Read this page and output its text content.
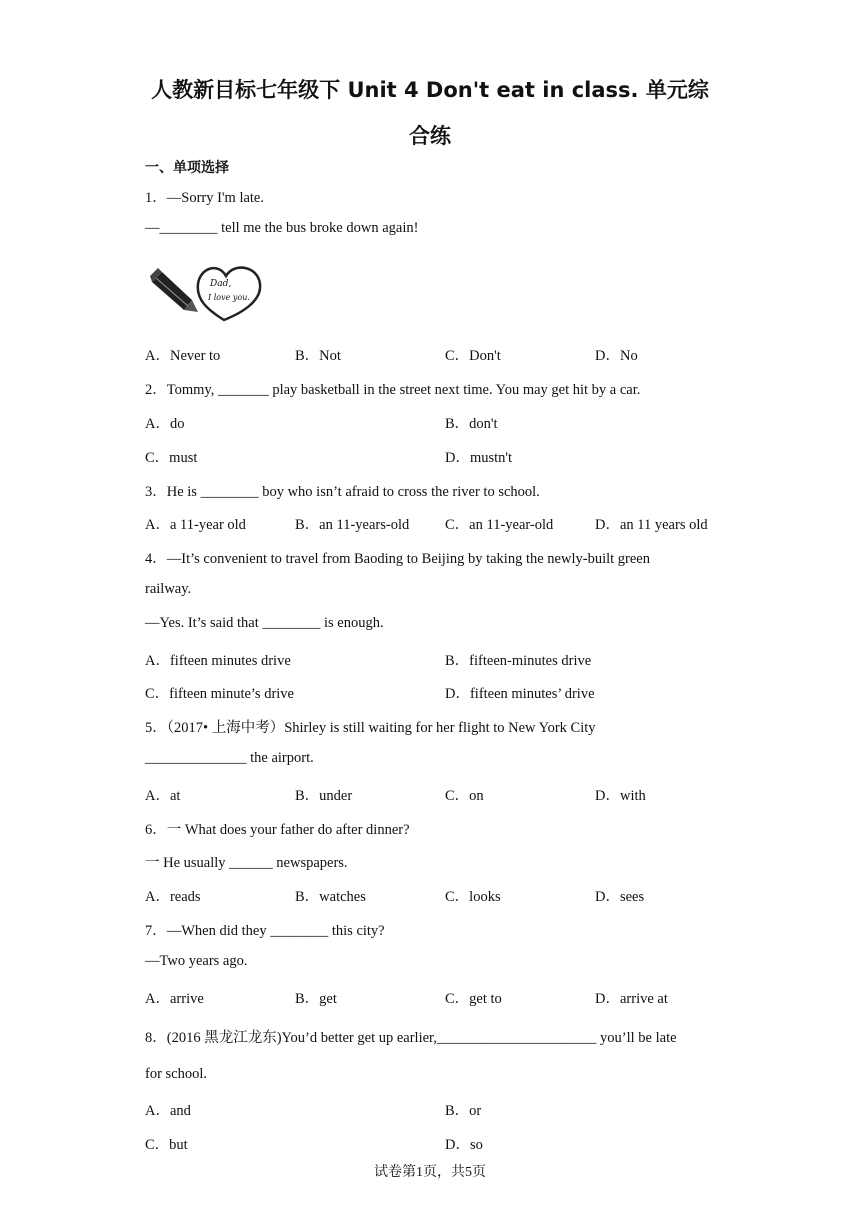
人教新目标七年级下 Unit 4 Don't eat in class. 单元综
合练
一、单项选择
1．—Sorry I'm late.
—________ tell me the bus broke down again!
Dad,
I love you.
A．Never to	B．Not	C．Don't	D．No
2．Tommy, _______ play basketball in the street next time. You may get hit by a car.
A．do	B．don't
C．must	D．mustn't
3．He is ________ boy who isn’t afraid to cross the river to school.
A．a 11-year old	B．an 11-years-old C．an 11-year-old	D．an 11 years old
4．—It’s convenient to travel from Baoding to Beijing by taking the newly-built green
railway.
—Yes. It’s said that ________ is enough.
A．fifteen minutes drive	B．fifteen-minutes drive
C．fifteen minute’s drive	D．fifteen minutes’ drive
5．（2017• 上海中考）Shirley is still waiting for her flight to New York City
______________ the airport.
A．at	B．under	C．on	D．with
6．一 What does your father do after dinner?
一 He usually ______ newspapers.
A．reads	B．watches	C．looks	D．sees
7．—When did they ________ this city?
—Two years ago.
A．arrive	B．get	C．get to	D．arrive at
8．(2016 黑龙江龙东)You’d better get up earlier,______________________ you’ll be late
for school.
A．and	B．or
C．but	D．so
试卷第1页，共5页
